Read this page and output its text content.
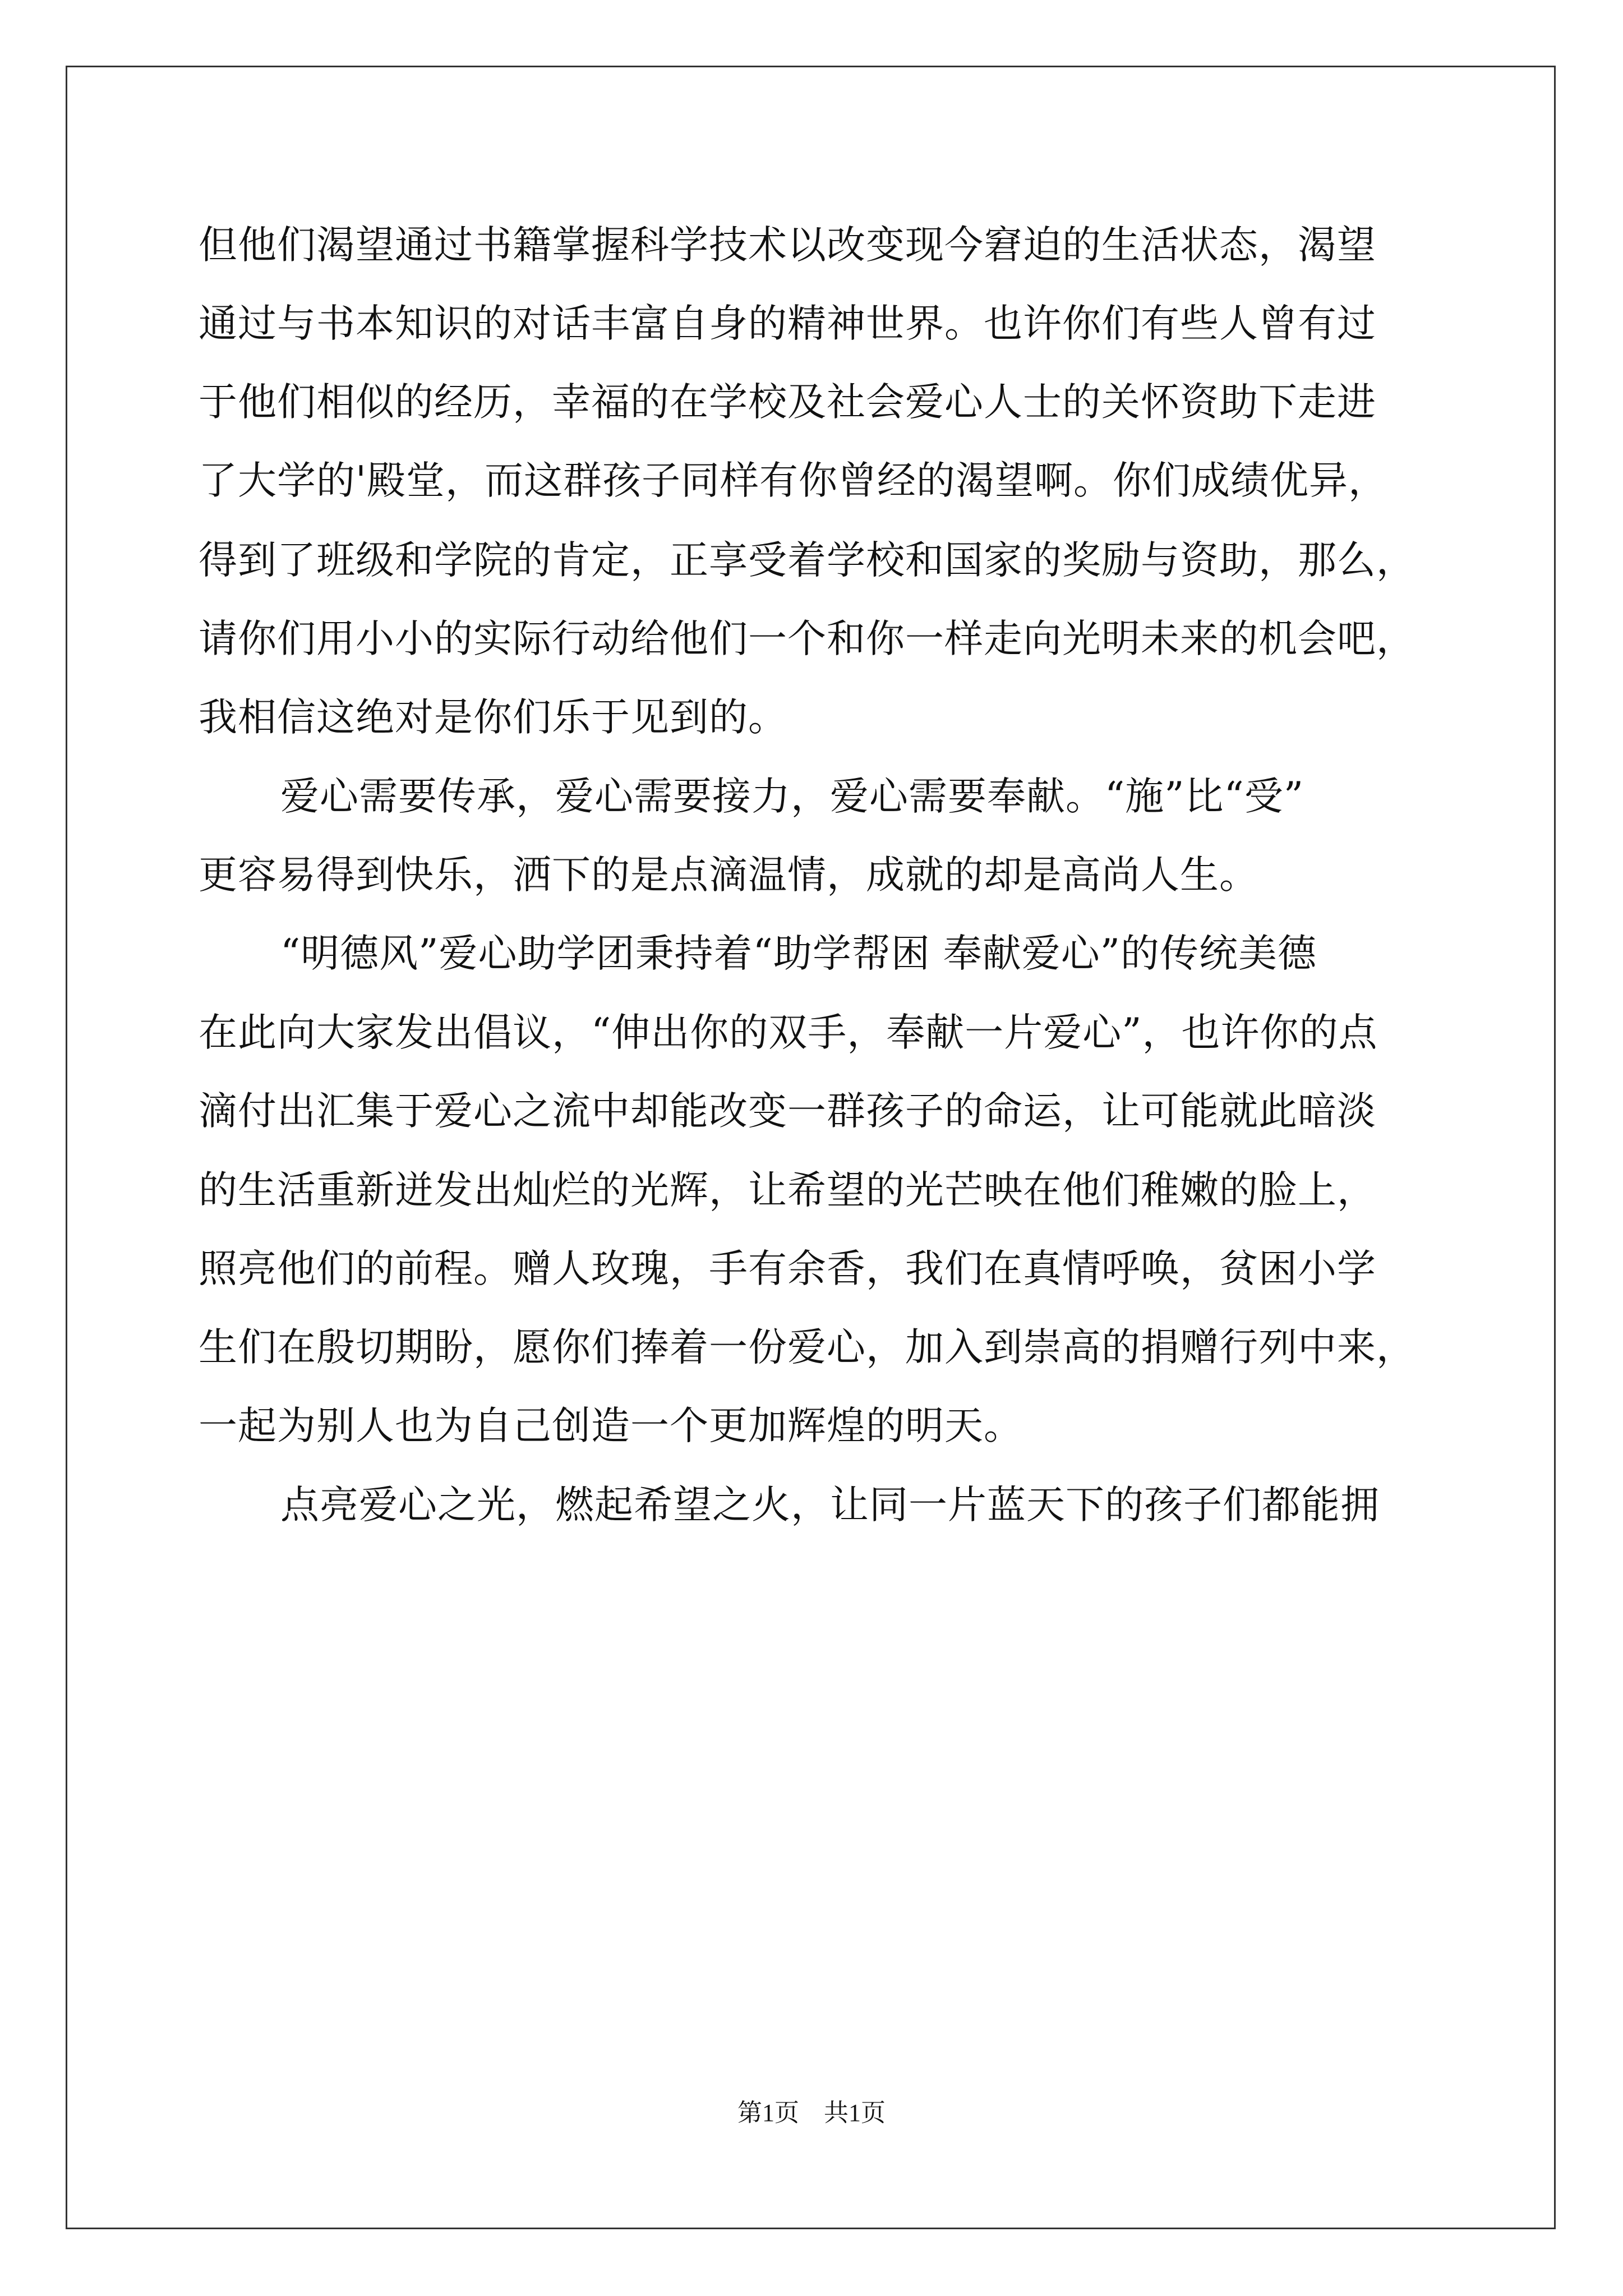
但他们渴望通过书籍掌握科学技术以改变现今窘迫的生活状态，渴望
通过与书本知识的对话丰富自身的精神世界。也许你们有些人曾有过
于他们相似的经历，幸福的在学校及社会爱心人士的关怀资助下走进
了大学的'殿堂，而这群孩子同样有你曾经的渴望啊。你们成绩优异，
得到了班级和学院的肯定，正享受着学校和国家的奖励与资助，那么，
请你们用小小的实际行动给他们一个和你一样走向光明未来的机会吧，
我相信这绝对是你们乐于见到的。
爱心需要传承，爱心需要接力，爱心需要奉献。“施”比“受”
更容易得到快乐，洒下的是点滴温情，成就的却是高尚人生。
“明德风”爱心助学团秉持着“助学帮困 奉献爱心”的传统美德
在此向大家发出倡议，“伸出你的双手，奉献一片爱心”，也许你的点
滴付出汇集于爱心之流中却能改变一群孩子的命运，让可能就此暗淡
的生活重新迸发出灿烂的光辉，让希望的光芒映在他们稚嫩的脸上，
照亮他们的前程。赠人玫瑰，手有余香，我们在真情呼唤，贫困小学
生们在殷切期盼，愿你们捧着一份爱心，加入到崇高的捐赠行列中来，
一起为别人也为自己创造一个更加辉煌的明天。
点亮爱心之光，燃起希望之火，让同一片蓝天下的孩子们都能拥
第1页　共1页
